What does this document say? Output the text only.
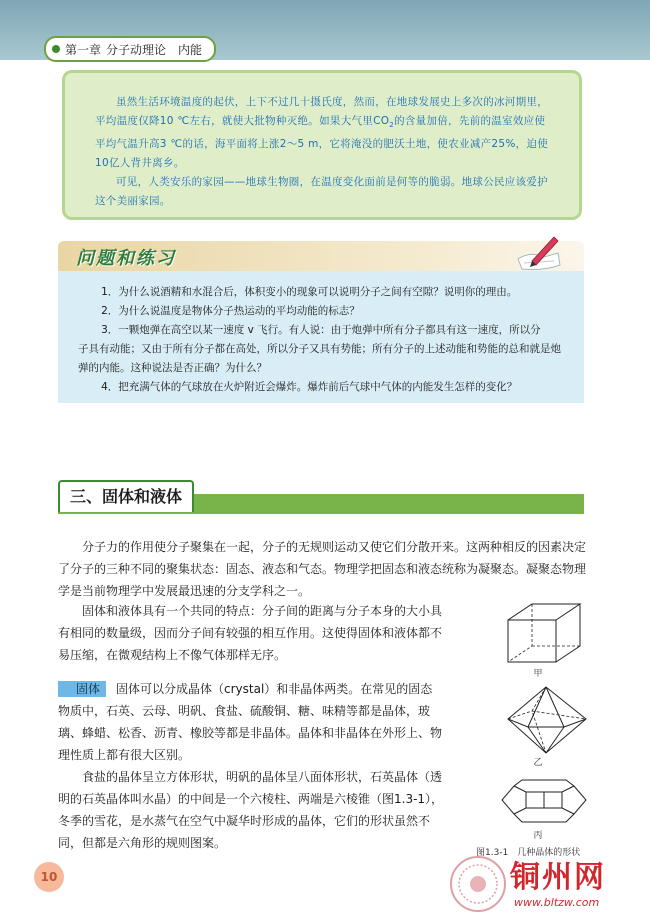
第一章 分子动理论　内能

虽然生活环境温度的起伏，上下不过几十摄氏度，然而，在地球发展史上多次的冰河期里，平均温度仅降10 ℃左右，就使大批物种灭绝。如果大气里$CO_2$的含量加倍，先前的温室效应使平均气温升高3 ℃的话，海平面将上涨2～5 m，它将淹没的肥沃土地，使农业减产25%，迫使10亿人背井离乡。

可见，人类安乐的家园——地球生物圈，在温度变化面前是何等的脆弱。地球公民应该爱护这个美丽家园。

问题和练习

1．为什么说酒精和水混合后，体积变小的现象可以说明分子之间有空隙？说明你的理由。

2．为什么说温度是物体分子热运动的平均动能的标志？

3．一颗炮弹在高空以某一速度 v 飞行。有人说：由于炮弹中所有分子都具有这一速度，所以分

子具有动能；又由于所有分子都在高处，所以分子又具有势能；所有分子的上述动能和势能的总和就是炮弹的内能。这种说法是否正确？为什么？

4．把充满气体的气球放在火炉附近会爆炸。爆炸前后气球中气体的内能发生怎样的变化？

三、固体和液体

分子力的作用使分子聚集在一起，分子的无规则运动又使它们分散开来。这两种相反的因素决定了分子的三种不同的聚集状态：固态、液态和气态。物理学把固态和液态统称为凝聚态。凝聚态物理学是当前物理学中发展最迅速的分支学科之一。

固体和液体具有一个共同的特点：分子间的距离与分子本身的大小具有相同的数量级，因而分子间有较强的相互作用。这使得固体和液体都不易压缩，在微观结构上不像气体那样无序。

固体 固体可以分成晶体（crystal）和非晶体两类。在常见的固态物质中，石英、云母、明矾、食盐、硫酸铜、糖、味精等都是晶体，玻璃、蜂蜡、松香、沥青、橡胶等都是非晶体。晶体和非晶体在外形上、物理性质上都有很大区别。

食盐的晶体呈立方体形状，明矾的晶体呈八面体形状，石英晶体（透明的石英晶体叫水晶）的中间是一个六棱柱、两端是六棱锥（图1.3-1），冬季的雪花，是水蒸气在空气中凝华时形成的晶体，它们的形状虽然不同，但都是六角形的规则图案。

甲
乙
丙
图1.3-1　几种晶体的形状
10	铜州网
www.bltzw.com
